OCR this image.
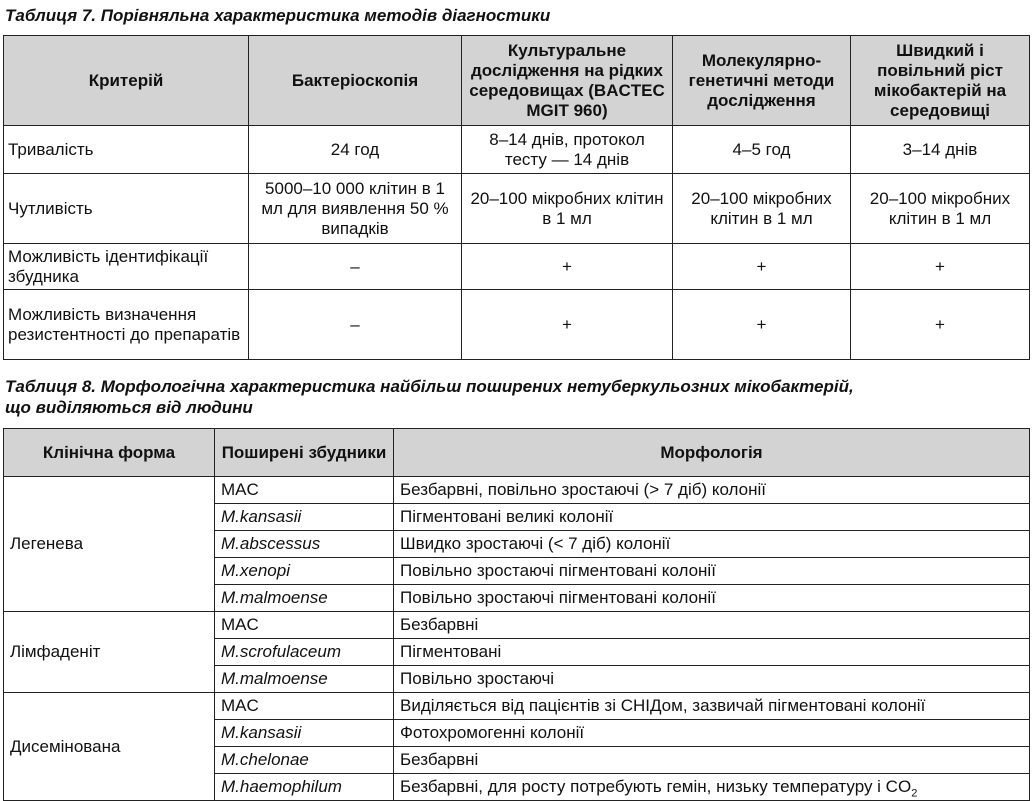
Таблиця 7. Порівняльна характеристика методів діагностики

Критерій	Бактеріоскопія	Культуральне дослідження на рідких середовищах (BACTEC MGIT 960)	Молекулярно-генетичні методи дослідження	Швидкий і повільний ріст мікобактерій на середовищі
Тривалість	24 год	8–14 днів, протокол тесту — 14 днів	4–5 год	3–14 днів
Чутливість	5000–10 000 клітин в 1 мл для виявлення 50 % випадків	20–100 мікробних клітин в 1 мл	20–100 мікробних клітин в 1 мл	20–100 мікробних клітин в 1 мл
Можливість ідентифікації збудника	–	+	+	+
Можливість визначення резистентності до препаратів	–	+	+	+

Таблиця 8. Морфологічна характеристика найбільш поширених нетуберкульозних мікобактерій,
що виділяються від людини

Клінічна форма	Поширені збудники	Морфологія
Легенева	MAC	Безбарвні, повільно зростаючі (> 7 діб) колонії
	M.kansasii	Пігментовані великі колонії
	M.abscessus	Швидко зростаючі (< 7 діб) колонії
	M.xenopi	Повільно зростаючі пігментовані колонії
	M.malmoense	Повільно зростаючі пігментовані колонії
Лімфаденіт	MAC	Безбарвні
	M.scrofulaceum	Пігментовані
	M.malmoense	Повільно зростаючі
Дисемінована	MAC	Виділяється від пацієнтів зі СНІДом, зазвичай пігментовані колонії
	M.kansasii	Фотохромогенні колонії
	M.chelonae	Безбарвні
	M.haemophilum	Безбарвні, для росту потребують гемін, низьку температуру і $CO_2$
